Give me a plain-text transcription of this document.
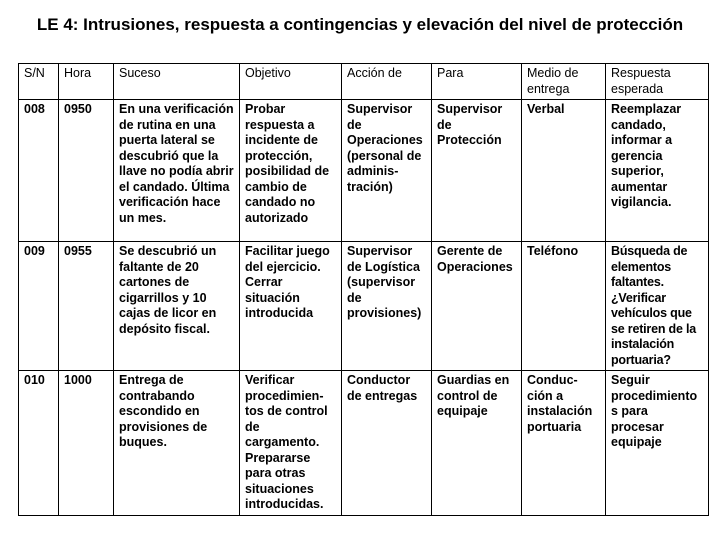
LE 4: Intrusiones, respuesta a contingencias y elevación del nivel de protección
S/N	Hora	Suceso	Objetivo	Acción de	Para	Medio de entrega	Respuesta esperada
008	0950	En una verificación de rutina en una puerta lateral se descubrió que la llave no podía abrir el candado. Última verificación hace un mes.	Probar respuesta a incidente de protección, posibilidad de cambio de candado no autorizado	Supervisor de Operaciones (personal de adminis-tración)	Supervisor de Protección	Verbal	Reemplazar candado, informar a gerencia superior, aumentar vigilancia.
009	0955	Se descubrió un faltante de 20 cartones de cigarrillos y 10 cajas de licor en depósito fiscal.	Facilitar juego del ejercicio. Cerrar situación introducida	Supervisor de Logística (supervisor de provisiones)	Gerente de Operaciones	Teléfono	Búsqueda de elementos faltantes. ¿Verificar vehículos que se retiren de la instalación portuaria?
010	1000	Entrega de contrabando escondido en provisiones de buques.	Verificar procedimien-tos de control de cargamento. Prepararse para otras situaciones introducidas.	Conductor de entregas	Guardias en control de equipaje	Conduc-ción a instalación portuaria	Seguir procedimiento s para procesar equipaje
